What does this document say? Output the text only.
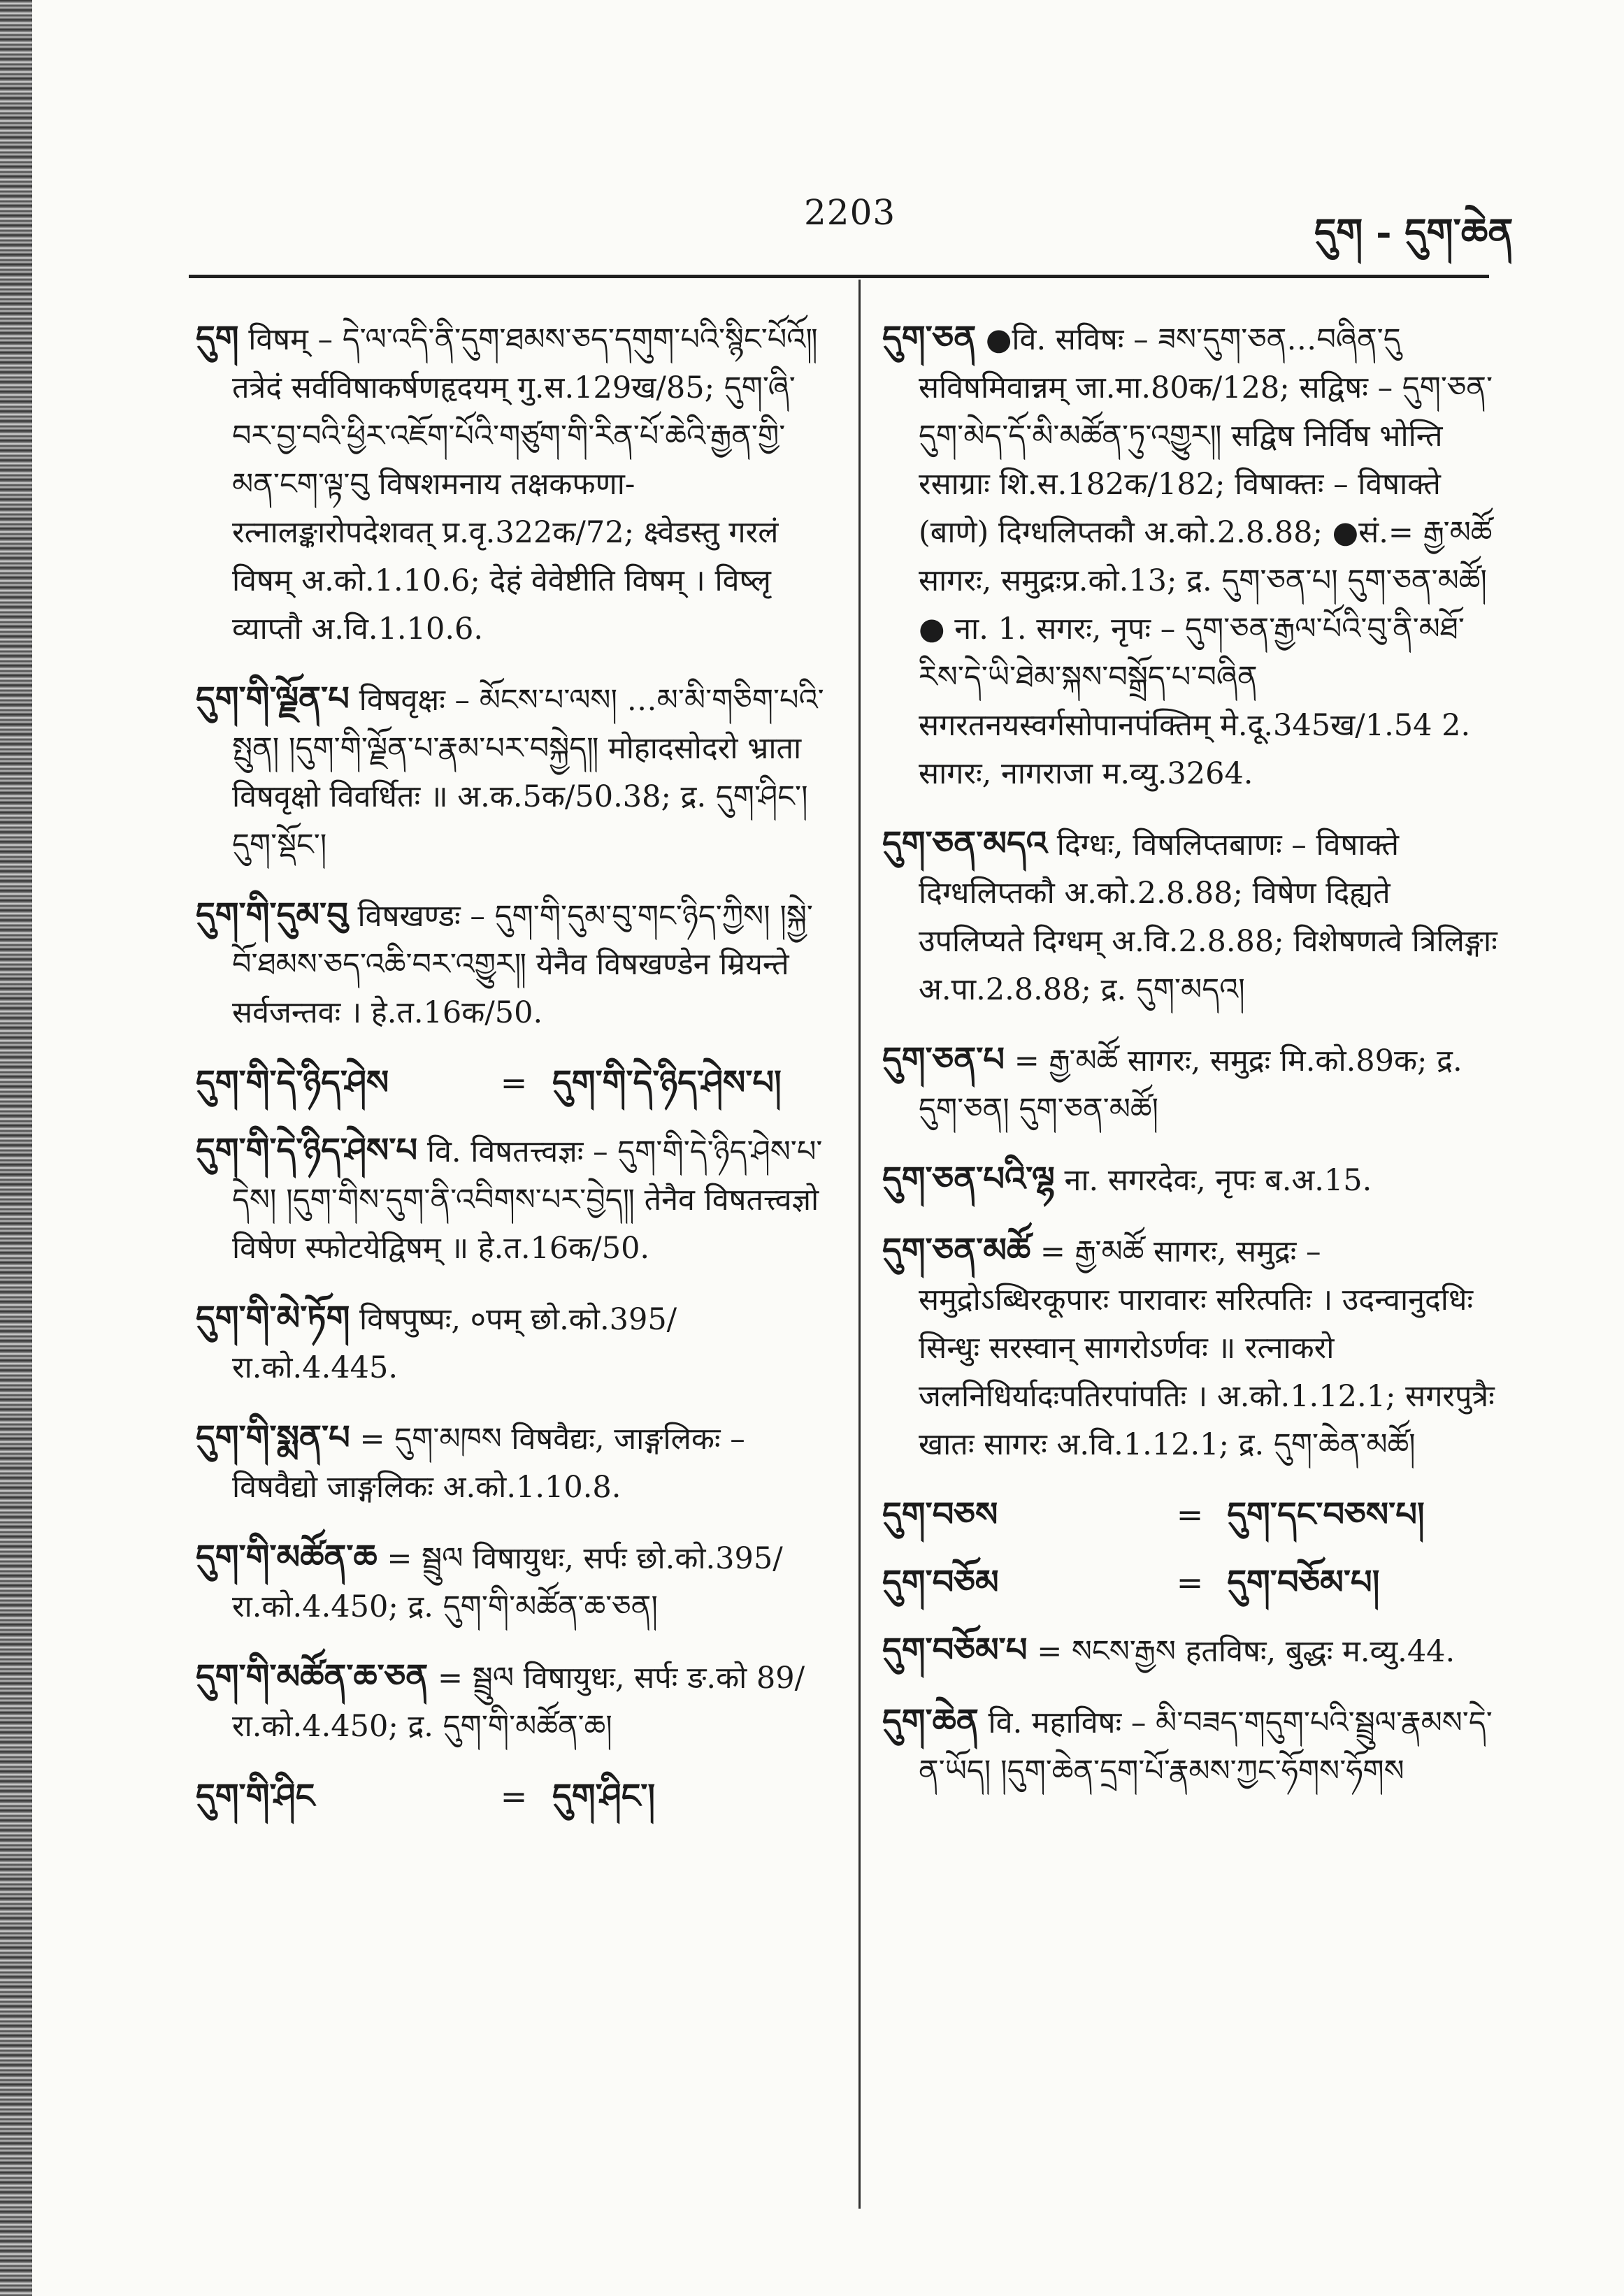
2203	དུག - དུག་ཆེན
དུག विषम् – དེ་ལ་འདི་ནི་དུག་ཐམས་ཅད་དགུག་པའི་སྙིང་པོའོ༎ तत्रेदं सर्वविषाकर्षणहृदयम् गु.स.129ख/85; དུག་ཞི་བར་བྱ་བའི་ཕྱིར་འཇོག་པོའི་གཙུག་གི་རིན་པོ་ཆེའི་རྒྱན་གྱི་མན་ངག་ལྟ་བུ विषशमनाय तक्षकफणा-रत्नालङ्कारोपदेशवत् प्र.वृ.322क/72; क्ष्वेडस्तु गरलं विषम् अ.को.1.10.6; देहं वेवेष्टीति विषम् । विष्लृ व्याप्तौ अ.वि.1.10.6.
དུག་གི་ལྗོན་པ विषवृक्षः – མོངས་པ་ལས། …མ་མི་གཅིག་པའི་སྤུན། །དུག་གི་ལྗོན་པ་རྣམ་པར་བསྐྱེད༎ मोहादसोदरो भ्राता विषवृक्षो विवर्धितः ॥ अ.क.5क/50.38; द्र. དུག་ཤིང་། དུག་སྡོང་།
དུག་གི་དུམ་བུ विषखण्डः – དུག་གི་དུམ་བུ་གང་ཉིད་ཀྱིས། །སྐྱེ་བོ་ཐམས་ཅད་འཆི་བར་འགྱུར༎ येनैव विषखण्डेन म्रियन्ते सर्वजन्तवः । हे.त.16क/50.
དུག་གི་དེ་ཉིད་ཤེས	= དུག་གི་དེ་ཉིད་ཤེས་པ།
དུག་གི་དེ་ཉིད་ཤེས་པ वि. विषतत्त्वज्ञः – དུག་གི་དེ་ཉིད་ཤེས་པ་དེས། །དུག་གིས་དུག་ནི་འབིགས་པར་བྱེད༎ तेनैव विषतत्त्वज्ञो विषेण स्फोटयेद्विषम् ॥ हे.त.16क/50.
དུག་གི་མེ་ཏོག विषपुष्पः, ०पम् छो.को.395/रा.को.4.445.
དུག་གི་སྨན་པ = དུག་མཁས विषवैद्यः, जाङ्गलिकः – विषवैद्यो जाङ्गलिकः अ.को.1.10.8.
དུག་གི་མཚོན་ཆ = སྦྲུལ विषायुधः, सर्पः छो.को.395/रा.को.4.450; द्र. དུག་གི་མཚོན་ཆ་ཅན།
དུག་གི་མཚོན་ཆ་ཅན = སྦྲུལ विषायुधः, सर्पः ङ.को 89/रा.को.4.450; द्र. དུག་གི་མཚོན་ཆ།
དུག་གི་ཤིང	= དུག་ཤིང་།
དུག་ཅན ●वि. सविषः – ཟས་དུག་ཅན…བཞིན་དུ सविषमिवान्नम् जा.मा.80क/128; सद्विषः – དུག་ཅན་དུག་མེད་དོ་མི་མཚོན་ཏུ་འགྱུར༎ सद्विष निर्विष भोन्ति रसाग्राः शि.स.182क/182; विषाक्तः – विषाक्ते (बाणे) दिग्धलिप्तकौ अ.को.2.8.88; ●सं.= རྒྱ་མཚོ सागरः, समुद्रःप्र.को.13; द्र. དུག་ཅན་པ། དུག་ཅན་མཚོ། ● ना. 1. सगरः, नृपः – དུག་ཅན་རྒྱལ་པོའི་བུ་ནི་མཐོ་རིས་དེ་ཡི་ཐེམ་སྐས་བསྒྲོད་པ་བཞིན सगरतनयस्वर्गसोपानपंक्तिम् मे.दू.345ख/1.54 2. सागरः, नागराजा म.व्यु.3264.
དུག་ཅན་མདའ दिग्धः, विषलिप्तबाणः – विषाक्ते दिग्धलिप्तकौ अ.को.2.8.88; विषेण दिह्यते उपलिप्यते दिग्धम् अ.वि.2.8.88; विशेषणत्वे त्रिलिङ्गाः अ.पा.2.8.88; द्र. དུག་མདའ།
དུག་ཅན་པ = རྒྱ་མཚོ सागरः, समुद्रः मि.को.89क; द्र. དུག་ཅན། དུག་ཅན་མཚོ།
དུག་ཅན་པའི་ལྷ ना. सगरदेवः, नृपः ब.अ.15.
དུག་ཅན་མཚོ = རྒྱ་མཚོ सागरः, समुद्रः – समुद्रोऽब्धिरकूपारः पारावारः सरित्पतिः । उदन्वानुदधिः सिन्धुः सरस्वान् सागरोऽर्णवः ॥ रत्नाकरो जलनिधिर्यादःपतिरपांपतिः । अ.को.1.12.1; सगरपुत्रैः खातः सागरः अ.वि.1.12.1; द्र. དུག་ཆེན་མཚོ།
དུག་བཅས	= དུག་དང་བཅས་པ།
དུག་བཅོམ	= དུག་བཅོམ་པ།
དུག་བཅོམ་པ = སངས་རྒྱས हतविषः, बुद्धः म.व्यु.44.
དུག་ཆེན वि. महाविषः – མི་བཟད་གདུག་པའི་སྦྲུལ་རྣམས་དེ་ན་ཡོད། །དུག་ཆེན་དྲག་པོ་རྣམས་ཀྱང་ཧོགས་ཧོགས
